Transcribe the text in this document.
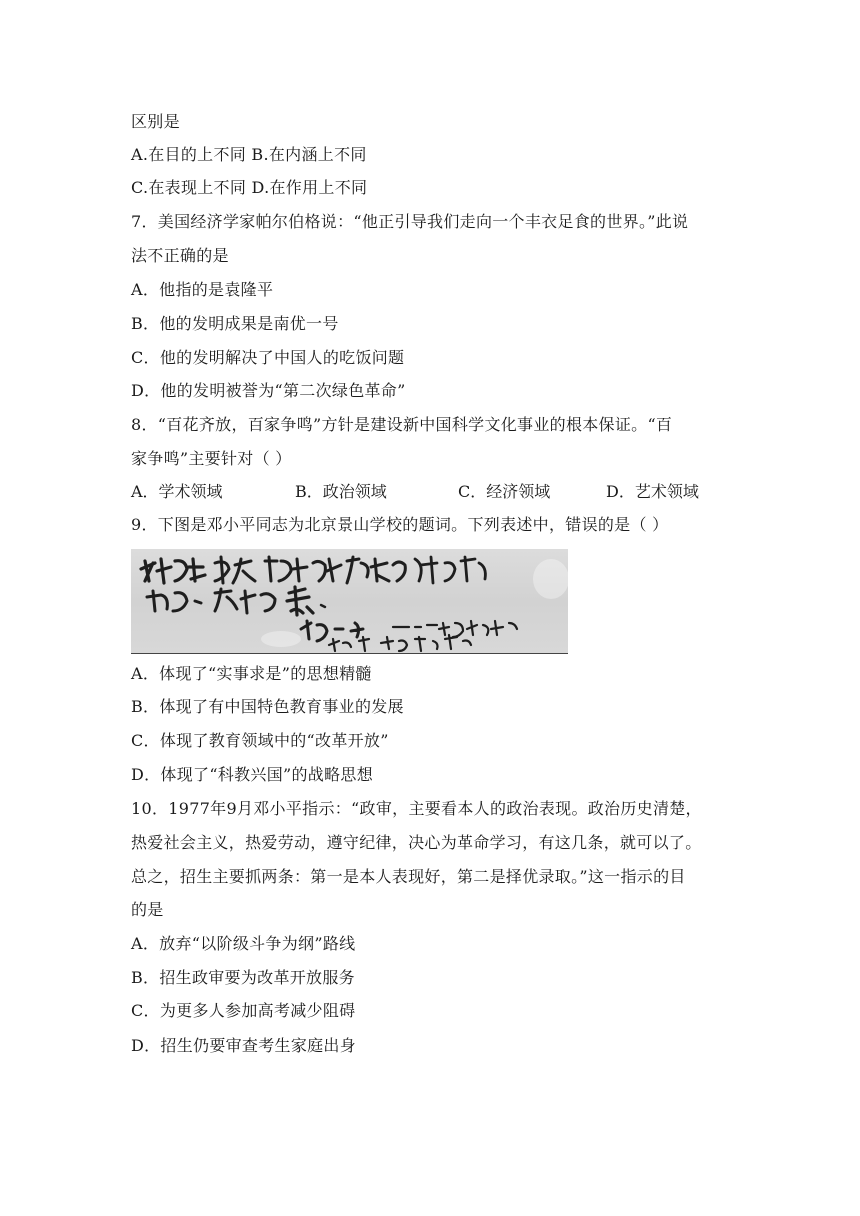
区别是
A.在目的上不同 B.在内涵上不同
C.在表现上不同 D.在作用上不同
7．美国经济学家帕尔伯格说：“他正引导我们走向一个丰衣足食的世界。”此说
法不正确的是
A．他指的是袁隆平
B．他的发明成果是南优一号
C．他的发明解决了中国人的吃饭问题
D．他的发明被誉为“第二次绿色革命”
8．“百花齐放，百家争鸣”方针是建设新中国科学文化事业的根本保证。“百
家争鸣”主要针对（ ）
A．学术领域	B．政治领域	C．经济领域	D．艺术领域
9．下图是邓小平同志为北京景山学校的题词。下列表述中，错误的是（ ）
A．体现了“实事求是”的思想精髓
B．体现了有中国特色教育事业的发展
C．体现了教育领域中的“改革开放”
D．体现了“科教兴国”的战略思想
10．1977年9月邓小平指示：“政审，主要看本人的政治表现。政治历史清楚，
热爱社会主义，热爱劳动，遵守纪律，决心为革命学习，有这几条，就可以了。
总之，招生主要抓两条：第一是本人表现好，第二是择优录取。”这一指示的目
的是
A．放弃“以阶级斗争为纲”路线
B．招生政审要为改革开放服务
C．为更多人参加高考减少阻碍
D．招生仍要审查考生家庭出身
